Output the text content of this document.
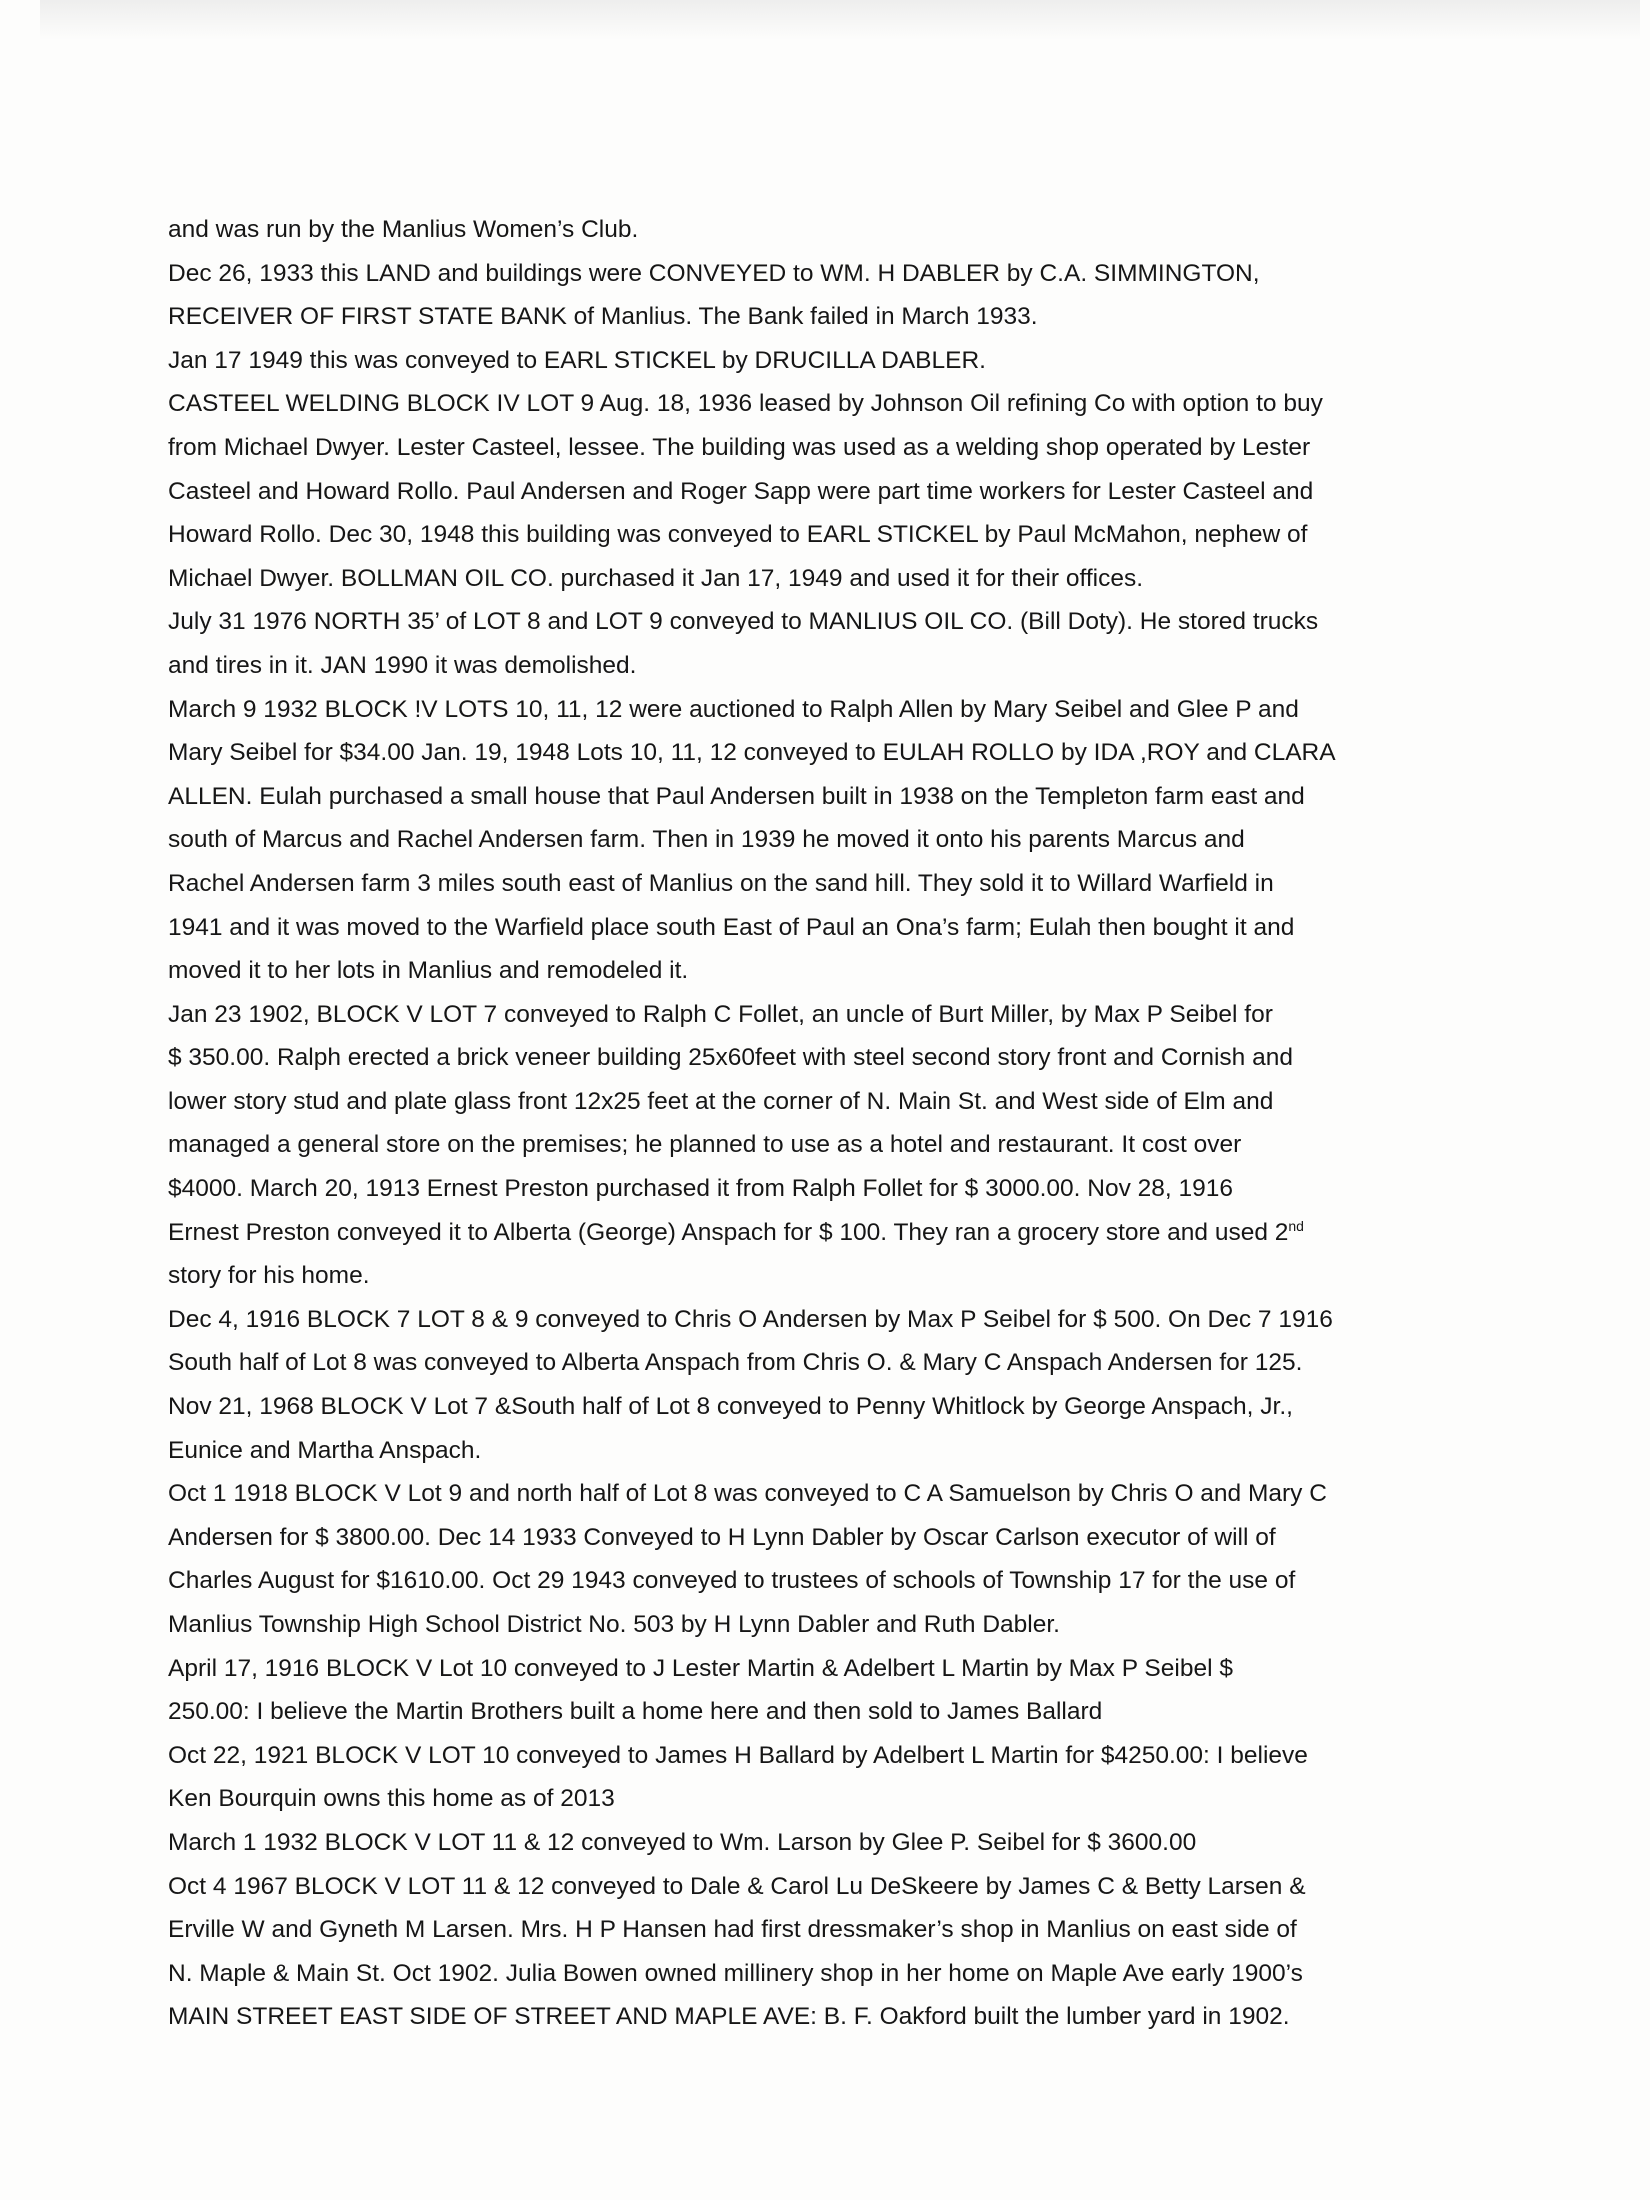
and was run by the Manlius Women’s Club.
Dec 26, 1933 this LAND and buildings were CONVEYED to WM. H DABLER by C.A. SIMMINGTON,
RECEIVER OF FIRST STATE BANK of Manlius. The Bank failed in March 1933.
Jan 17 1949 this was conveyed to EARL STICKEL by DRUCILLA DABLER.
CASTEEL WELDING BLOCK IV LOT 9 Aug. 18, 1936 leased by Johnson Oil refining Co with option to buy
from Michael Dwyer. Lester Casteel, lessee. The building was used as a welding shop operated by Lester
Casteel and Howard Rollo. Paul Andersen and Roger Sapp were part time workers for Lester Casteel and
Howard Rollo. Dec 30, 1948 this building was conveyed to EARL STICKEL by Paul McMahon, nephew of
Michael Dwyer. BOLLMAN OIL CO. purchased it Jan 17, 1949 and used it for their offices.
July 31 1976 NORTH 35’ of LOT 8 and LOT 9 conveyed to MANLIUS OIL CO. (Bill Doty). He stored trucks
and tires in it. JAN 1990 it was demolished.
March 9 1932 BLOCK !V LOTS 10, 11, 12 were auctioned to Ralph Allen by Mary Seibel and Glee P and
Mary Seibel for $34.00 Jan. 19, 1948 Lots 10, 11, 12 conveyed to EULAH ROLLO by IDA ,ROY and CLARA
ALLEN. Eulah purchased a small house that Paul Andersen built in 1938 on the Templeton farm east and
south of Marcus and Rachel Andersen farm. Then in 1939 he moved it onto his parents Marcus and
Rachel Andersen farm 3 miles south east of Manlius on the sand hill. They sold it to Willard Warfield in
1941 and it was moved to the Warfield place south East of Paul an Ona’s farm; Eulah then bought it and
moved it to her lots in Manlius and remodeled it.
Jan 23 1902, BLOCK V LOT 7 conveyed to Ralph C Follet, an uncle of Burt Miller, by Max P Seibel for
$ 350.00. Ralph erected a brick veneer building 25x60feet with steel second story front and Cornish and
lower story stud and plate glass front 12x25 feet at the corner of N. Main St. and West side of Elm and
managed a general store on the premises; he planned to use as a hotel and restaurant. It cost over
$4000. March 20, 1913 Ernest Preston purchased it from Ralph Follet for $ 3000.00. Nov 28, 1916
Ernest Preston conveyed it to Alberta (George) Anspach for $ 100. They ran a grocery store and used 2nd
story for his home.
Dec 4, 1916 BLOCK 7 LOT 8 & 9 conveyed to Chris O Andersen by Max P Seibel for $ 500. On Dec 7 1916
South half of Lot 8 was conveyed to Alberta Anspach from Chris O. & Mary C Anspach Andersen for 125.
Nov 21, 1968 BLOCK V Lot 7 &South half of Lot 8 conveyed to Penny Whitlock by George Anspach, Jr.,
Eunice and Martha Anspach.
Oct 1 1918 BLOCK V Lot 9 and north half of Lot 8 was conveyed to C A Samuelson by Chris O and Mary C
Andersen for $ 3800.00. Dec 14 1933 Conveyed to H Lynn Dabler by Oscar Carlson executor of will of
Charles August for $1610.00. Oct 29 1943 conveyed to trustees of schools of Township 17 for the use of
Manlius Township High School District No. 503 by H Lynn Dabler and Ruth Dabler.
April 17, 1916 BLOCK V Lot 10 conveyed to J Lester Martin & Adelbert L Martin by Max P Seibel $
250.00: I believe the Martin Brothers built a home here and then sold to James Ballard
Oct 22, 1921 BLOCK V LOT 10 conveyed to James H Ballard by Adelbert L Martin for $4250.00: I believe
Ken Bourquin owns this home as of 2013
March 1 1932 BLOCK V LOT 11 & 12 conveyed to Wm. Larson by Glee P. Seibel for $ 3600.00
Oct 4 1967 BLOCK V LOT 11 & 12 conveyed to Dale & Carol Lu DeSkeere by James C & Betty Larsen &
Erville W and Gyneth M Larsen. Mrs. H P Hansen had first dressmaker’s shop in Manlius on east side of
N. Maple & Main St. Oct 1902. Julia Bowen owned millinery shop in her home on Maple Ave early 1900’s
MAIN STREET EAST SIDE OF STREET AND MAPLE AVE: B. F. Oakford built the lumber yard in 1902.
